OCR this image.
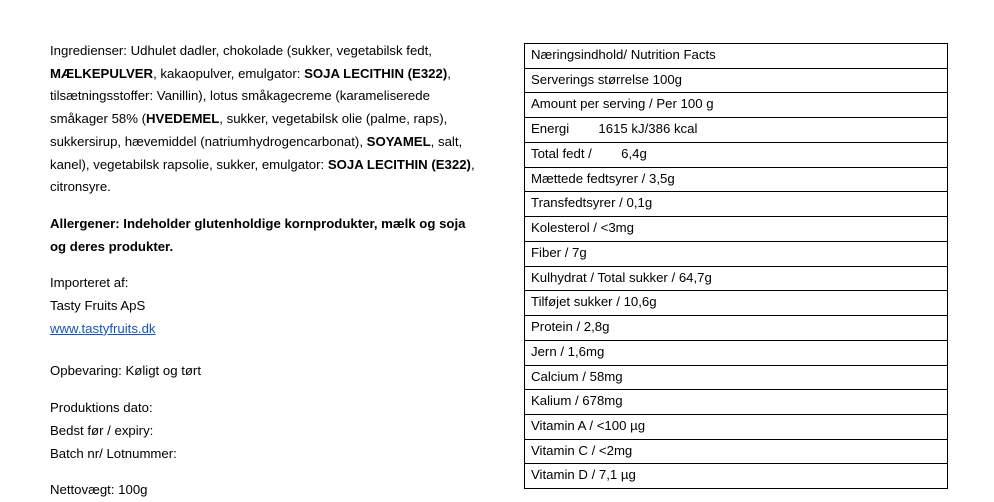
Ingredienser: Udhulet dadler, chokolade (sukker, vegetabilsk fedt, MÆLKEPULVER, kakaopulver, emulgator: SOJA LECITHIN (E322), tilsætningsstoffer: Vanillin), lotus småkagecreme (karameliserede småkager 58% (HVEDEMEL, sukker, vegetabilsk olie (palme, raps), sukkersirup, hævemiddel (natriumhydrogencarbonat), SOYAMEL, salt, kanel), vegetabilsk rapsolie, sukker, emulgator: SOJA LECITHIN (E322), citronsyre.

Allergener: Indeholder glutenholdige kornprodukter, mælk og soja og deres produkter.

Importeret af:

Tasty Fruits ApS

www.tastyfruits.dk

Opbevaring: Køligt og tørt

Produktions dato:

Bedst før / expiry:

Batch nr/ Lotnummer:

Nettovægt: 100g

Næringsindhold/ Nutrition Facts
Serverings størrelse 100g
Amount per serving / Per 100 g
Energi        1615 kJ/386 kcal
Total fedt /        6,4g
Mættede fedtsyrer / 3,5g
Transfedtsyrer / 0,1g
Kolesterol / <3mg
Fiber / 7g
Kulhydrat / Total sukker / 64,7g
Tilføjet sukker / 10,6g
Protein / 2,8g
Jern / 1,6mg
Calcium / 58mg
Kalium / 678mg
Vitamin A / <100 µg
Vitamin C / <2mg
Vitamin D / 7,1 µg
